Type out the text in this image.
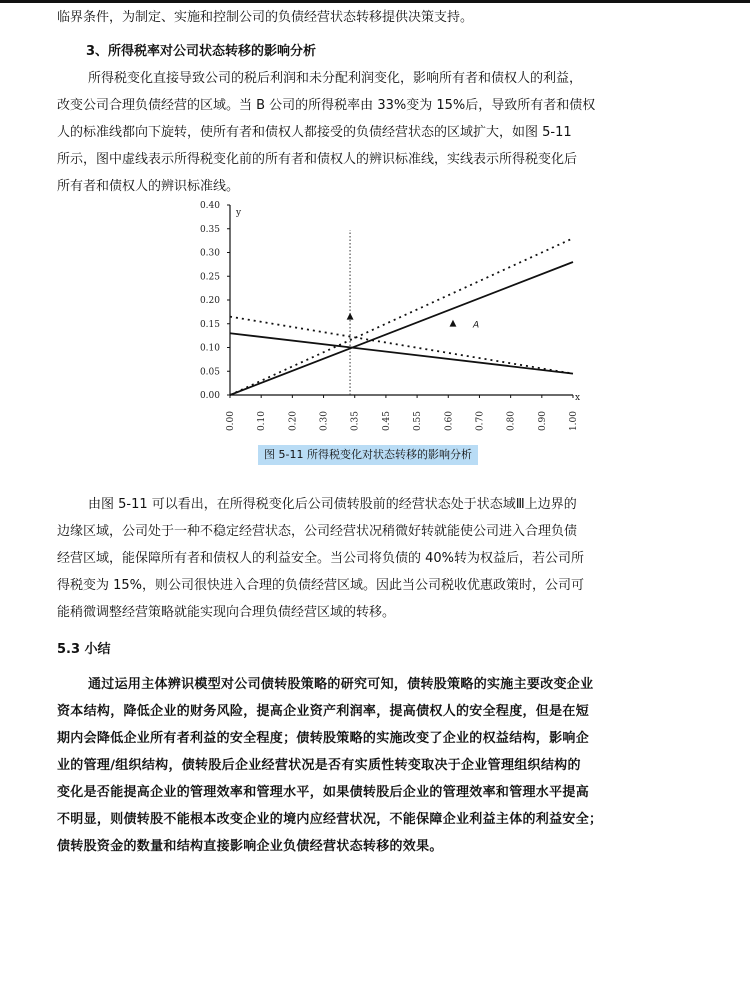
临界条件，为制定、实施和控制公司的负债经营状态转移提供决策支持。
3、所得税率对公司状态转移的影响分析
所得税变化直接导致公司的税后利润和未分配利润变化，影响所有者和债权人的利益，
改变公司合理负债经营的区域。当 B 公司的所得税率由 33%变为 15%后，导致所有者和债权
人的标准线都向下旋转，使所有者和债权人都接受的负债经营状态的区域扩大，如图 5-11
所示，图中虚线表示所得税变化前的所有者和债权人的辨识标准线，实线表示所得税变化后
所有者和债权人的辨识标准线。
y
x
0.40
0.35
0.30
0.25
0.20
0.15
0.10
0.05
0.00
0.00 0.10 0.20 0.30 0.35 0.45 0.55 0.60 0.70 0.80 0.90 1.00
▲
▲ A
图 5-11 所得税变化对状态转移的影响分析
由图 5-11 可以看出，在所得税变化后公司债转股前的经营状态处于状态域Ⅲ上边界的
边缘区域，公司处于一种不稳定经营状态，公司经营状况稍微好转就能使公司进入合理负债
经营区域，能保障所有者和债权人的利益安全。当公司将负债的 40%转为权益后，若公司所
得税变为 15%，则公司很快进入合理的负债经营区域。因此当公司税收优惠政策时，公司可
能稍微调整经营策略就能实现向合理负债经营区域的转移。
5.3 小结
通过运用主体辨识模型对公司债转股策略的研究可知，债转股策略的实施主要改变企业
资本结构，降低企业的财务风险，提高企业资产利润率，提高债权人的安全程度，但是在短
期内会降低企业所有者利益的安全程度；债转股策略的实施改变了企业的权益结构，影响企
业的管理/组织结构，债转股后企业经营状况是否有实质性转变取决于企业管理组织结构的
变化是否能提高企业的管理效率和管理水平，如果债转股后企业的管理效率和管理水平提高
不明显，则债转股不能根本改变企业的境内应经营状况，不能保障企业利益主体的利益安全；
债转股资金的数量和结构直接影响企业负债经营状态转移的效果。
